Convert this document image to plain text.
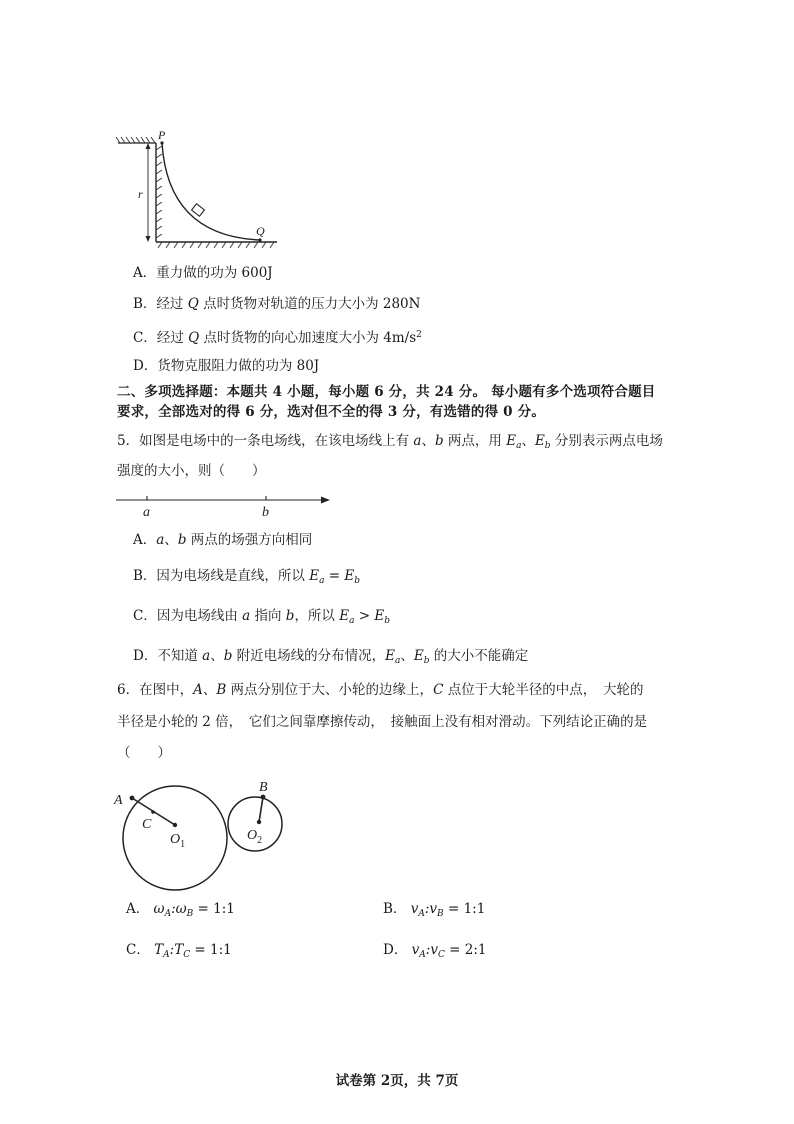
P
Q
r
A．重力做的功为 600J
B．经过 Q 点时货物对轨道的压力大小为 280N
C．经过 Q 点时货物的向心加速度大小为 $4m/s^2$
D．货物克服阻力做的功为 80J
二、多项选择题：本题共 4 小题，每小题 6 分，共 24 分。 每小题有多个选项符合题目
要求，全部选对的得 6 分，选对但不全的得 3 分，有选错的得 0 分。
5．如图是电场中的一条电场线，在该电场线上有 a、b 两点，用 $E_a$、$E_b$ 分别表示两点电场
强度的大小，则（　　）
a	b
A．a、b 两点的场强方向相同
B．因为电场线是直线，所以 $E_a = E_b$
C．因为电场线由 a 指向 b，所以 $E_a > E_b$
D．不知道 a、b 附近电场线的分布情况，$E_a$、$E_b$ 的大小不能确定
6．在图中，A、B 两点分别位于大、小轮的边缘上，C 点位于大轮半径的中点，　大轮的
半径是小轮的 2 倍，　它们之间靠摩擦传动，　接触面上没有相对滑动。下列结论正确的是
（　　）
A
C
$O_1$
B
$O_2$
A． $\omega_A:\omega_B$ = 1:1	B． $v_A:v_B$ = 1:1
C． $T_A:T_C$ = 1:1	D． $v_A:v_C$ = 2:1
试卷第 2页，共 7页
